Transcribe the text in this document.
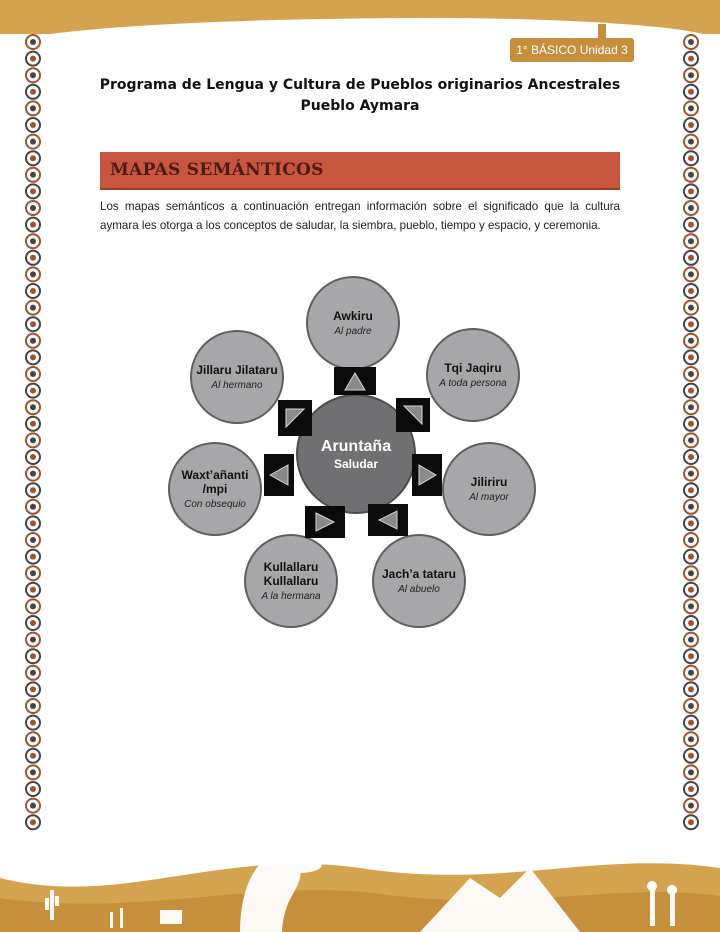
1° BÁSICO Unidad 3
Programa de Lengua y Cultura de Pueblos originarios Ancestrales
Pueblo Aymara
MAPAS SEMÁNTICOS

Los mapas semánticos a continuación entregan información sobre el significado que la cultura aymara les otorga a los conceptos de saludar, la siembra, pueblo, tiempo y espacio, y ceremonia.

Awkiru
Al padre
Tqi Jaqiru
A toda persona
Jiliriru
Al mayor
Jach’a tataru
Al abuelo
Kullallaru Kullallaru
A la hermana
Waxt’añanti /mpi
Con obsequio
Jillaru Jilataru
Al hermano
Aruntaña
Saludar
